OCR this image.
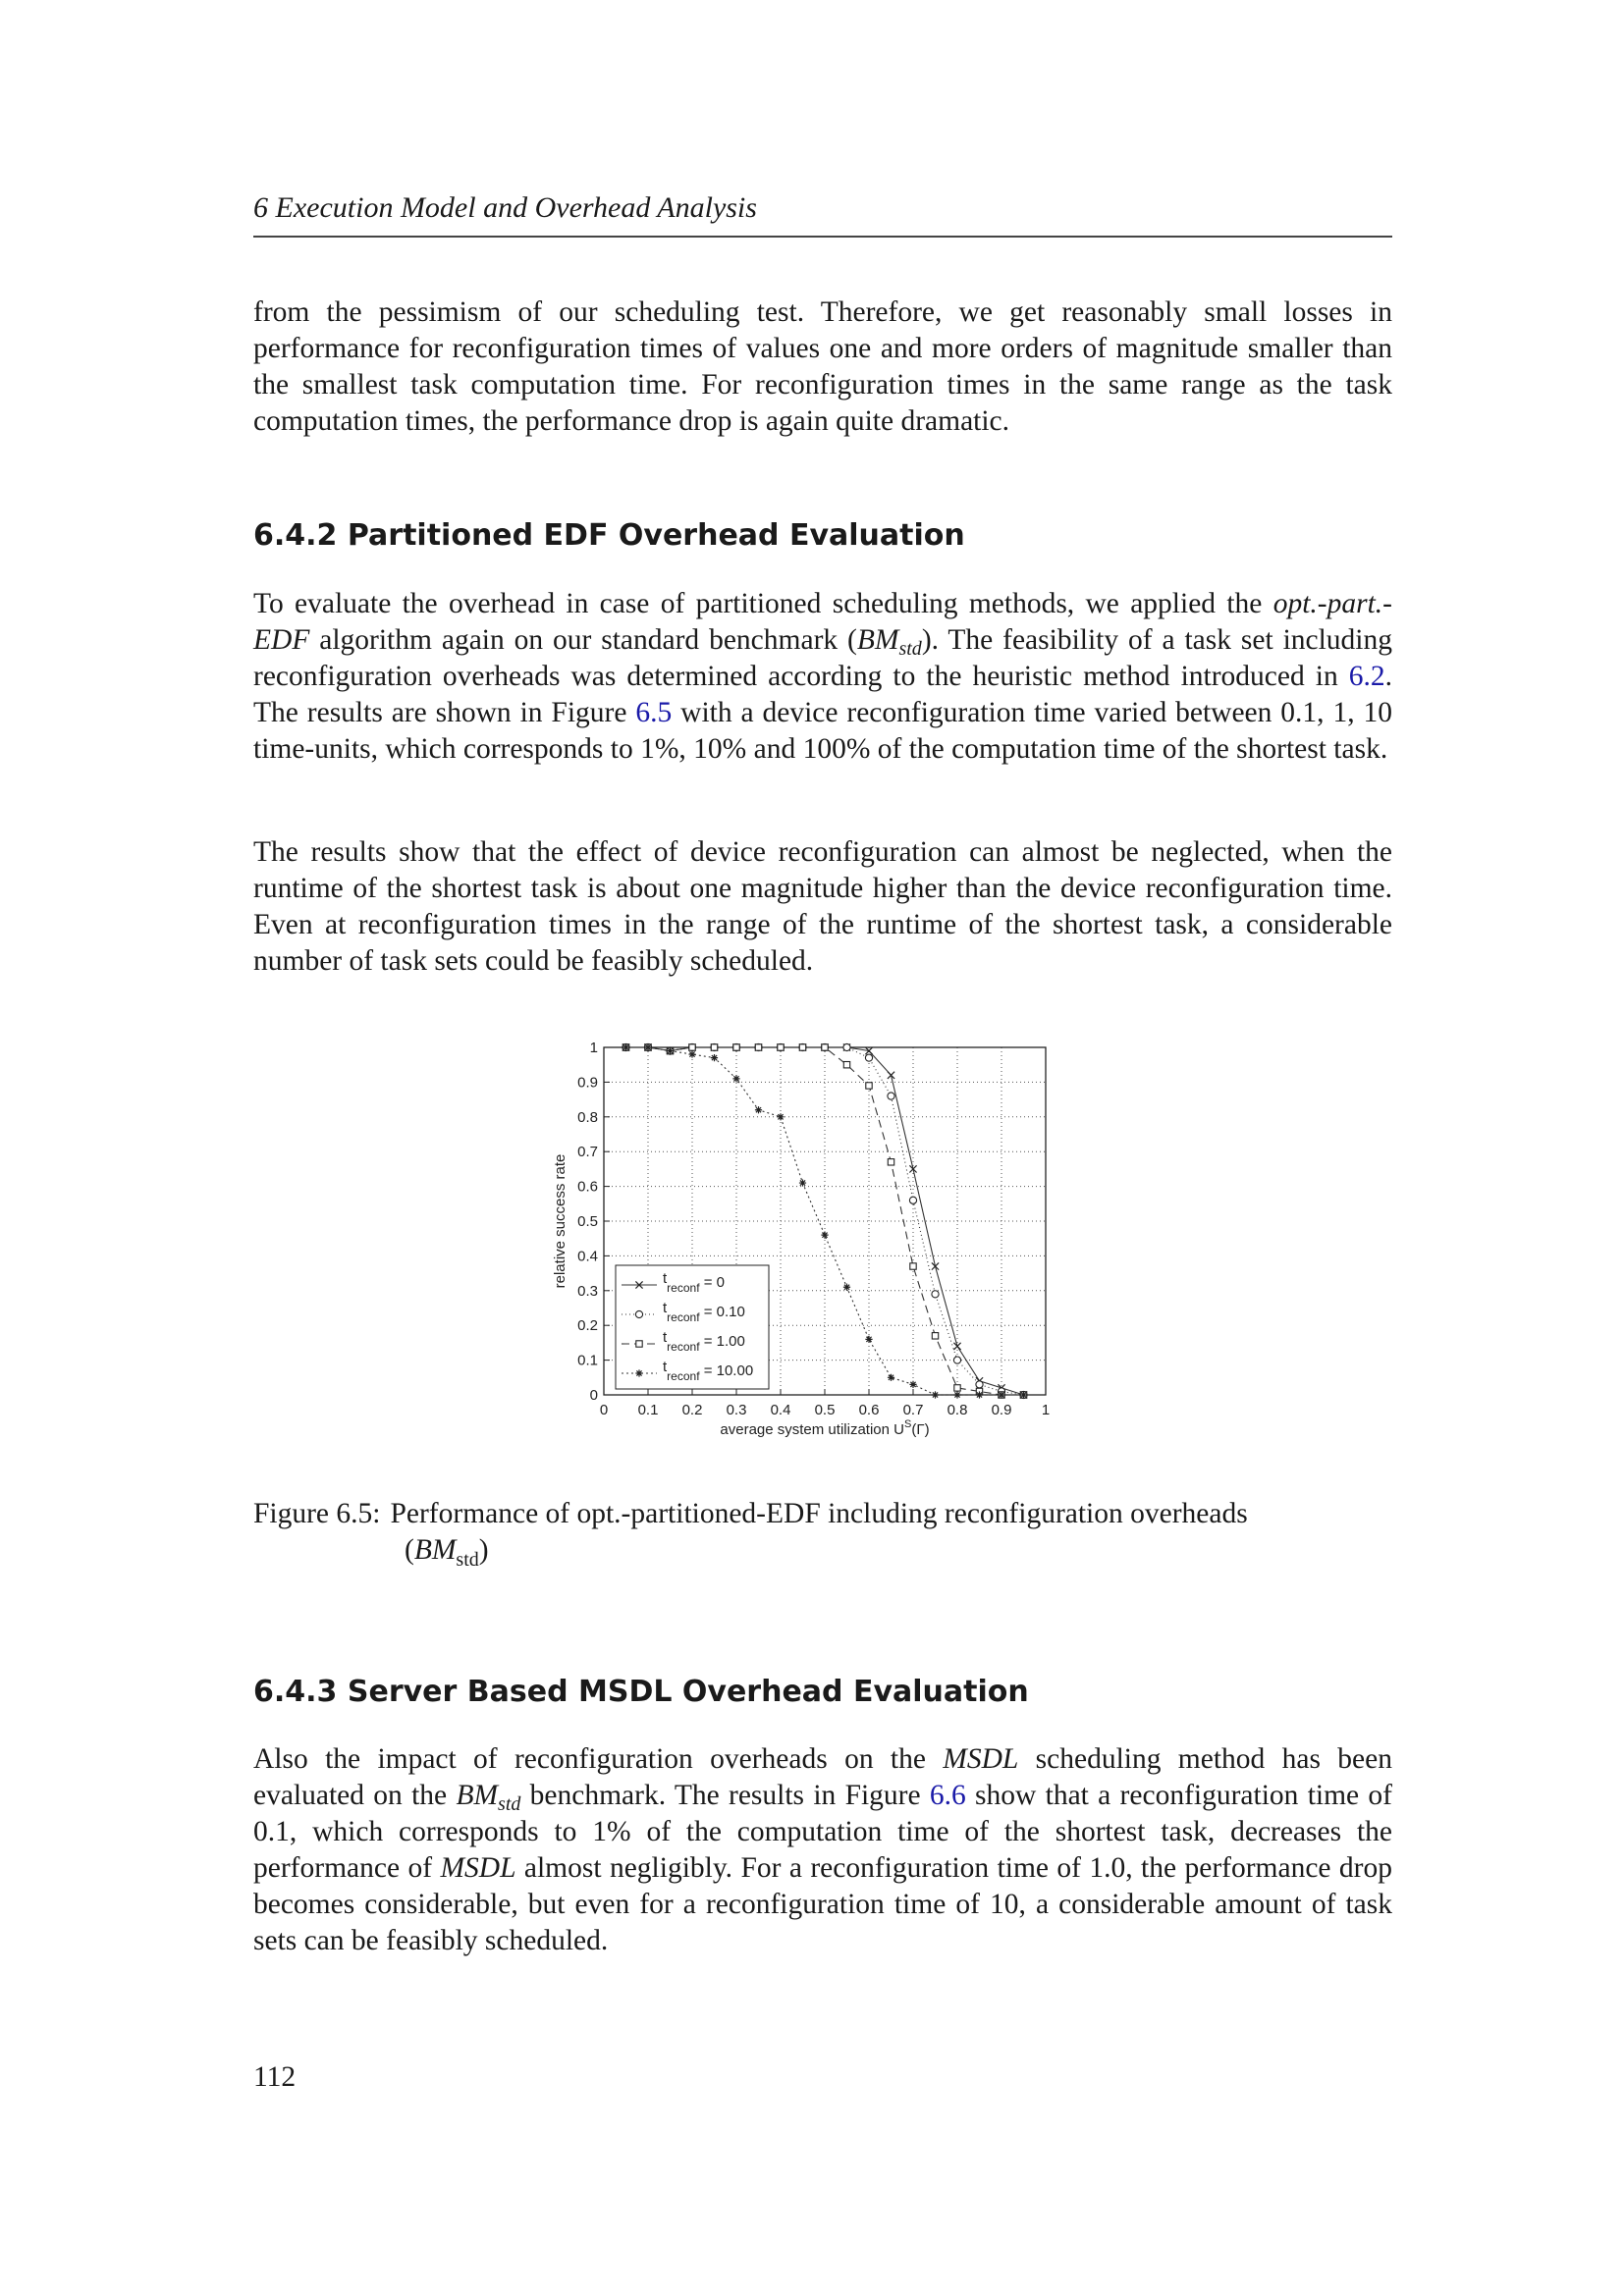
6 Execution Model and Overhead Analysis

from the pessimism of our scheduling test. Therefore, we get reasonably small losses in performance for reconfiguration times of values one and more orders of magnitude smaller than the smallest task computation time. For reconfiguration times in the same range as the task computation times, the performance drop is again quite dramatic.

6.4.2 Partitioned EDF Overhead Evaluation

To evaluate the overhead in case of partitioned scheduling methods, we applied the opt.-part.-EDF algorithm again on our standard benchmark $(BM_{std})$. The feasibility of a task set including reconfiguration overheads was determined according to the heuristic method introduced in 6.2. The results are shown in Figure 6.5 with a device reconfiguration time varied between 0.1, 1, 10 time-units, which corresponds to 1%, 10% and 100% of the computation time of the shortest task.

The results show that the effect of device reconfiguration can almost be neglected, when the runtime of the shortest task is about one magnitude higher than the device reconfiguration time. Even at reconfiguration times in the range of the runtime of the shortest task, a considerable number of task sets could be feasibly scheduled.

0 0.1 0.2 0.3 0.4 0.5 0.6 0.7 0.8 0.9 1
0
0.1
0.2
0.3
0.4
0.5
0.6
0.7
0.8
0.9
1
average system utilization $U^S(\Gamma)$
relative success rate	$t_{reconf} = 0$
$t_{reconf} = 0.10$
$t_{reconf} = 1.00$
$t_{reconf} = 10.00$
Figure 6.5: Performance of opt.-partitioned-EDF including reconfiguration overheads
$(BM_{std})$
6.4.3 Server Based MSDL Overhead Evaluation

Also the impact of reconfiguration overheads on the MSDL scheduling method has been evaluated on the $BM_{std}$ benchmark. The results in Figure 6.6 show that a reconfiguration time of 0.1, which corresponds to 1% of the computation time of the shortest task, decreases the performance of MSDL almost negligibly. For a reconfiguration time of 1.0, the performance drop becomes considerable, but even for a reconfiguration time of 10, a considerable amount of task sets can be feasibly scheduled.

112
